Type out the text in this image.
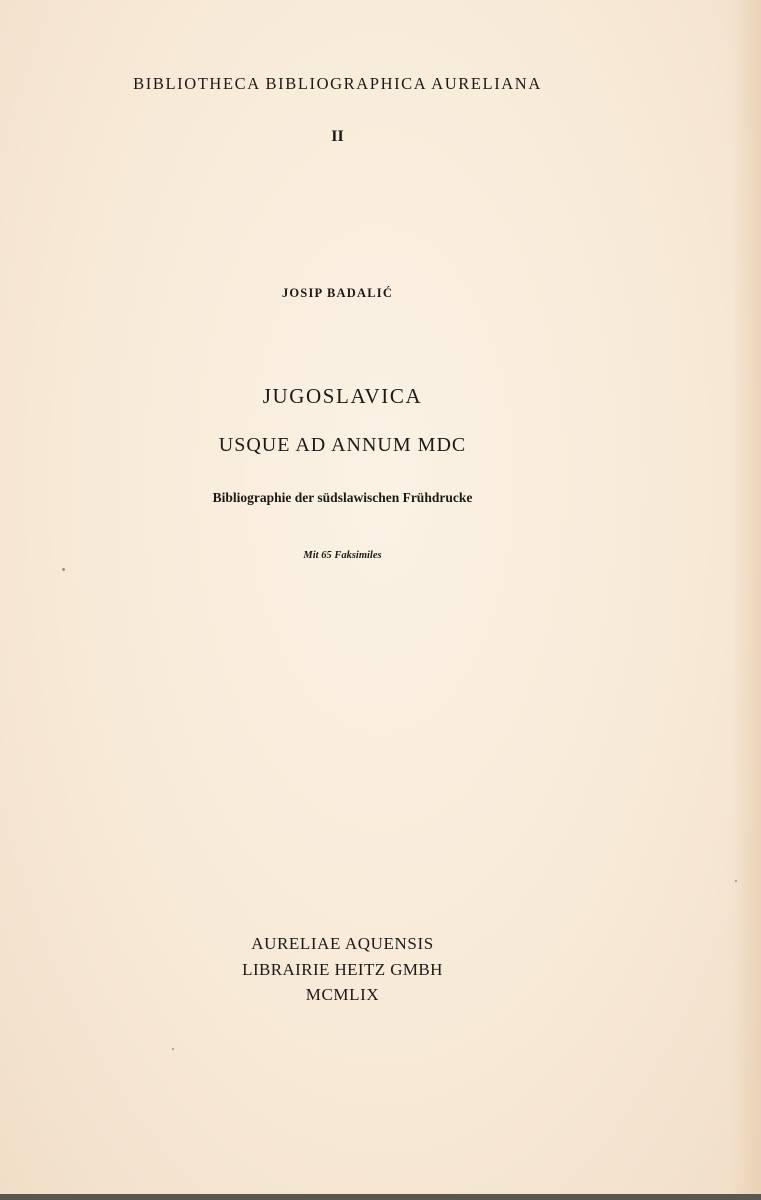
BIBLIOTHECA BIBLIOGRAPHICA AURELIANA

II

JOSIP BADALIĆ

JUGOSLAVICA

USQUE AD ANNUM MDC

Bibliographie der südslawischen Frühdrucke

Mit 65 Faksimiles

AURELIAE AQUENSIS

LIBRAIRIE HEITZ GMBH

MCMLIX
